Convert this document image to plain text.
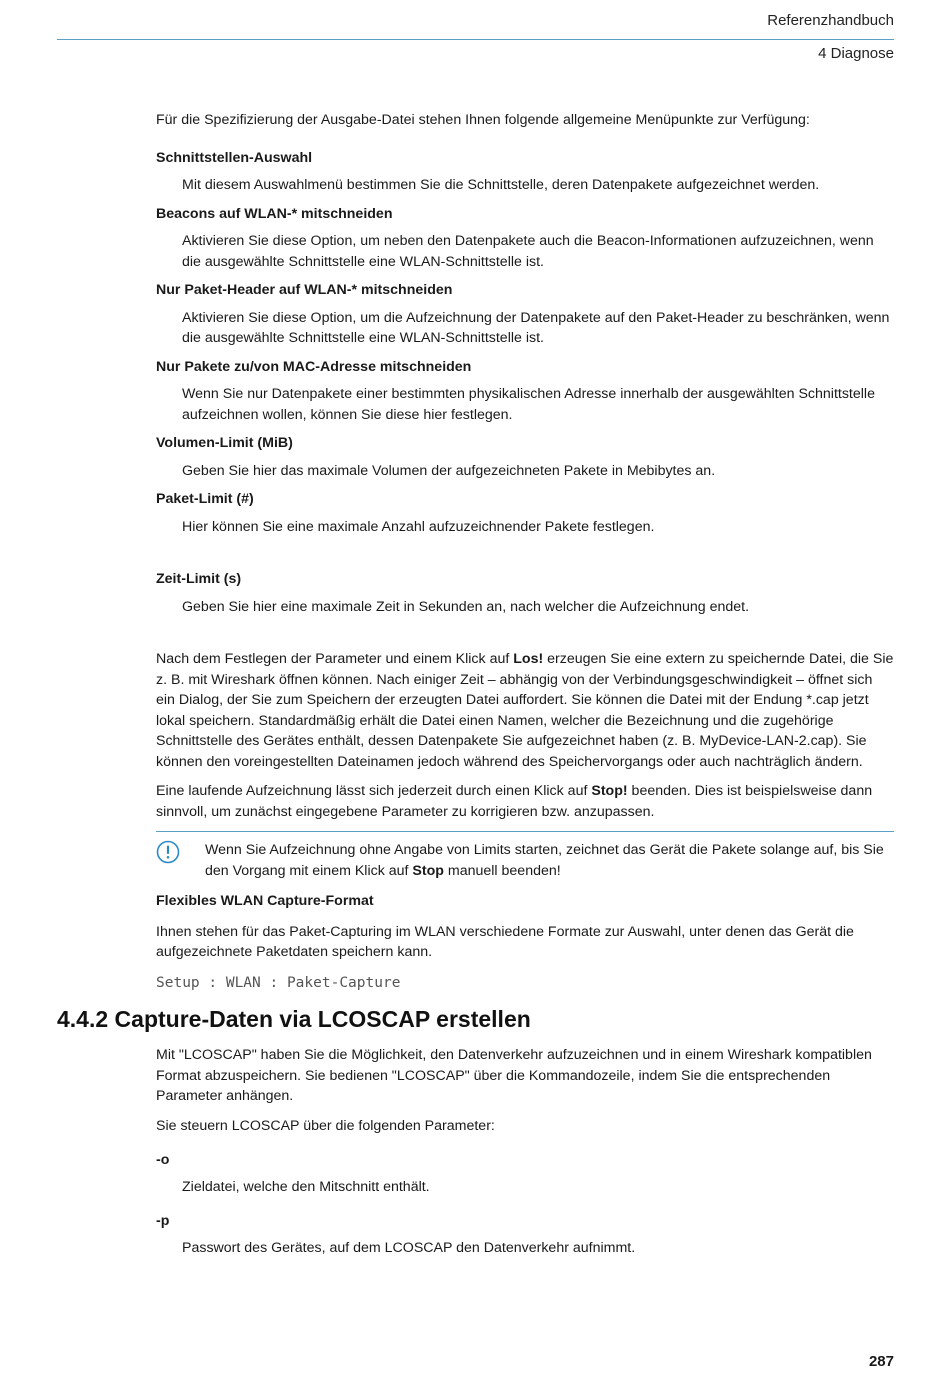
Referenzhandbuch
4 Diagnose

Für die Spezifizierung der Ausgabe-Datei stehen Ihnen folgende allgemeine Menüpunkte zur Verfügung:

Schnittstellen-Auswahl
Mit diesem Auswahlmenü bestimmen Sie die Schnittstelle, deren Datenpakete aufgezeichnet werden.
Beacons auf WLAN-* mitschneiden
Aktivieren Sie diese Option, um neben den Datenpakete auch die Beacon-Informationen aufzuzeichnen, wenn die ausgewählte Schnittstelle eine WLAN-Schnittstelle ist.
Nur Paket-Header auf WLAN-* mitschneiden
Aktivieren Sie diese Option, um die Aufzeichnung der Datenpakete auf den Paket-Header zu beschränken, wenn die ausgewählte Schnittstelle eine WLAN-Schnittstelle ist.
Nur Pakete zu/von MAC-Adresse mitschneiden
Wenn Sie nur Datenpakete einer bestimmten physikalischen Adresse innerhalb der ausgewählten Schnittstelle aufzeichnen wollen, können Sie diese hier festlegen.
Volumen-Limit (MiB)
Geben Sie hier das maximale Volumen der aufgezeichneten Pakete in Mebibytes an.
Paket-Limit (#)
Hier können Sie eine maximale Anzahl aufzuzeichnender Pakete festlegen.
Zeit-Limit (s)
Geben Sie hier eine maximale Zeit in Sekunden an, nach welcher die Aufzeichnung endet.

Nach dem Festlegen der Parameter und einem Klick auf Los! erzeugen Sie eine extern zu speichernde Datei, die Sie z. B. mit Wireshark öffnen können. Nach einiger Zeit – abhängig von der Verbindungsgeschwindigkeit – öffnet sich ein Dialog, der Sie zum Speichern der erzeugten Datei auffordert. Sie können die Datei mit der Endung *.cap jetzt lokal speichern. Standardmäßig erhält die Datei einen Namen, welcher die Bezeichnung und die zugehörige Schnittstelle des Gerätes enthält, dessen Datenpakete Sie aufgezeichnet haben (z. B. MyDevice-LAN-2.cap). Sie können den voreingestellten Dateinamen jedoch während des Speichervorgangs oder auch nachträglich ändern.

Eine laufende Aufzeichnung lässt sich jederzeit durch einen Klick auf Stop! beenden. Dies ist beispielsweise dann sinnvoll, um zunächst eingegebene Parameter zu korrigieren bzw. anzupassen.

Wenn Sie Aufzeichnung ohne Angabe von Limits starten, zeichnet das Gerät die Pakete solange auf, bis Sie den Vorgang mit einem Klick auf Stop manuell beenden!

Flexibles WLAN Capture-Format

Ihnen stehen für das Paket-Capturing im WLAN verschiedene Formate zur Auswahl, unter denen das Gerät die aufgezeichnete Paketdaten speichern kann.

Setup : WLAN : Paket-Capture
4.4.2 Capture-Daten via LCOSCAP erstellen

Mit "LCOSCAP" haben Sie die Möglichkeit, den Datenverkehr aufzuzeichnen und in einem Wireshark kompatiblen Format abzuspeichern. Sie bedienen "LCOSCAP" über die Kommandozeile, indem Sie die entsprechenden Parameter anhängen.

Sie steuern LCOSCAP über die folgenden Parameter:

-o
Zieldatei, welche den Mitschnitt enthält.
-p
Passwort des Gerätes, auf dem LCOSCAP den Datenverkehr aufnimmt.
287
